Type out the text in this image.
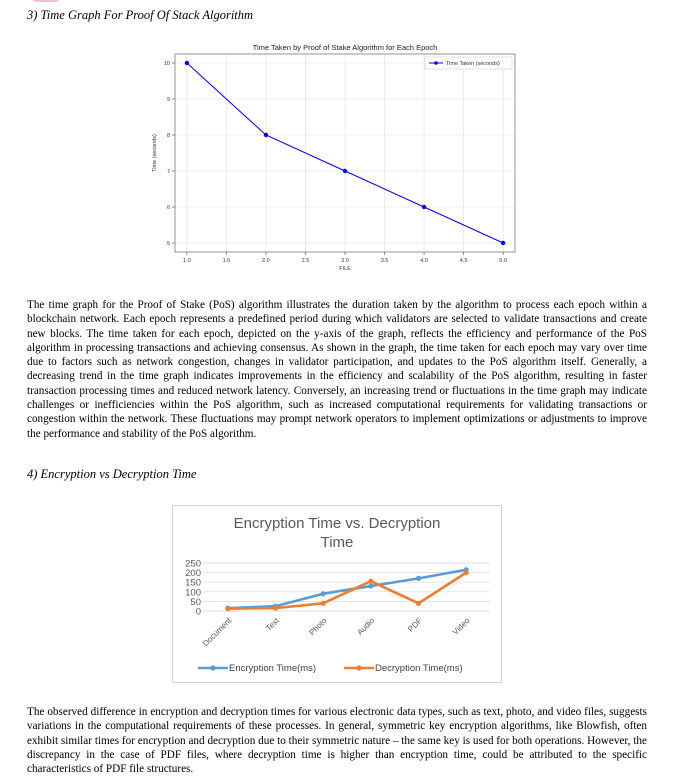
3) Time Graph For Proof Of Stack Algorithm
Time Taken by Proof of Stake Algorithm for Each Epoch
1.0	1.5	2.0	2.5	3.0	3.5	4.0	4.5	5.0
5
6
7
8
9
10
FILE
Time (seconds)
Time Taken (seconds)

The time graph for the Proof of Stake (PoS) algorithm illustrates the duration taken by the algorithm to process each epoch within a blockchain network. Each epoch represents a predefined period during which validators are selected to validate transactions and create new blocks. The time taken for each epoch, depicted on the y-axis of the graph, reflects the efficiency and performance of the PoS algorithm in processing transactions and achieving consensus. As shown in the graph, the time taken for each epoch may vary over time due to factors such as network congestion, changes in validator participation, and updates to the PoS algorithm itself. Generally, a decreasing trend in the time graph indicates improvements in the efficiency and scalability of the PoS algorithm, resulting in faster transaction processing times and reduced network latency. Conversely, an increasing trend or fluctuations in the time graph may indicate challenges or inefficiencies within the PoS algorithm, such as increased computational requirements for validating transactions or congestion within the network. These fluctuations may prompt network operators to implement optimizations or adjustments to improve the performance and stability of the PoS algorithm.

4) Encryption vs Decryption Time
Encryption Time vs. Decryption Time
0
50
100
150
200
250
Document	Text	Photo	Audio	PDF	Video
Encryption Time(ms)	Decryption Time(ms)

The observed difference in encryption and decryption times for various electronic data types, such as text, photo, and video files, suggests variations in the computational requirements of these processes. In general, symmetric key encryption algorithms, like Blowfish, often exhibit similar times for encryption and decryption due to their symmetric nature – the same key is used for both operations. However, the discrepancy in the case of PDF files, where decryption time is higher than encryption time, could be attributed to the specific characteristics of PDF file structures.
